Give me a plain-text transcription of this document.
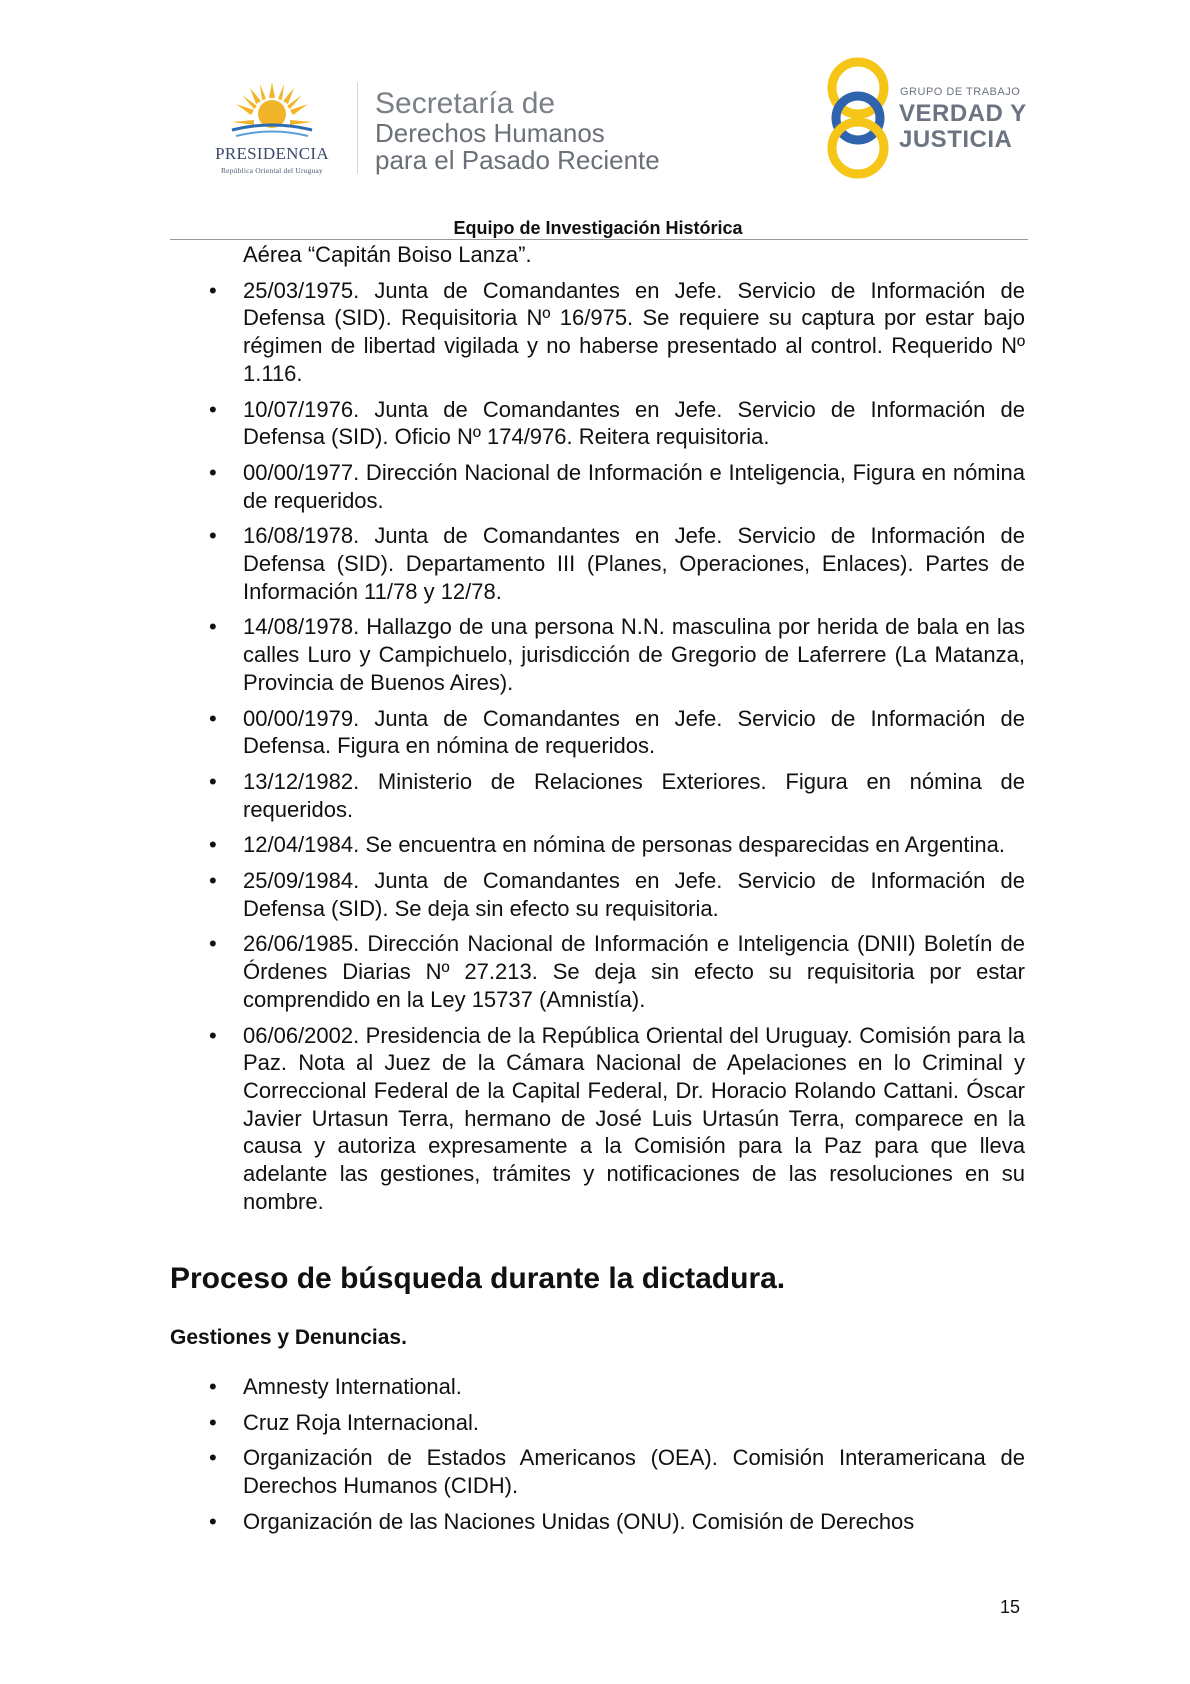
PRESIDENCIA
República Oriental del Uruguay
Secretaría de
Derechos Humanos
para el Pasado Reciente
GRUPO DE TRABAJO
VERDAD Y
JUSTICIA
Equipo de Investigación Histórica

Aérea “Capitán Boiso Lanza”.

• 25/03/1975. Junta de Comandantes en Jefe. Servicio de Información de Defensa (SID). Requisitoria Nº 16/975. Se requiere su captura por estar bajo régimen de libertad vigilada y no haberse presentado al control. Requerido Nº 1.116.
• 10/07/1976. Junta de Comandantes en Jefe. Servicio de Información de Defensa (SID). Oficio Nº 174/976. Reitera requisitoria.
• 00/00/1977. Dirección Nacional de Información e Inteligencia, Figura en nómina de requeridos.
• 16/08/1978. Junta de Comandantes en Jefe. Servicio de Información de Defensa (SID). Departamento III (Planes, Operaciones, Enlaces). Partes de Información 11/78 y 12/78.
• 14/08/1978. Hallazgo de una persona N.N. masculina por herida de bala en las calles Luro y Campichuelo, jurisdicción de Gregorio de Laferrere (La Matanza, Provincia de Buenos Aires).
• 00/00/1979. Junta de Comandantes en Jefe. Servicio de Información de Defensa. Figura en nómina de requeridos.
• 13/12/1982. Ministerio de Relaciones Exteriores. Figura en nómina de requeridos.
• 12/04/1984. Se encuentra en nómina de personas desparecidas en Argentina.
• 25/09/1984. Junta de Comandantes en Jefe. Servicio de Información de Defensa (SID). Se deja sin efecto su requisitoria.
• 26/06/1985. Dirección Nacional de Información e Inteligencia (DNII) Boletín de Órdenes Diarias Nº 27.213. Se deja sin efecto su requisitoria por estar comprendido en la Ley 15737 (Amnistía).
• 06/06/2002. Presidencia de la República Oriental del Uruguay. Comisión para la Paz. Nota al Juez de la Cámara Nacional de Apelaciones en lo Criminal y Correccional Federal de la Capital Federal, Dr. Horacio Rolando Cattani. Óscar Javier Urtasun Terra, hermano de José Luis Urtasún Terra, comparece en la causa y autoriza expresamente a la Comisión para la Paz para que lleva adelante las gestiones, trámites y notificaciones de las resoluciones en su nombre.
Proceso de búsqueda durante la dictadura.
Gestiones y Denuncias.
• Amnesty International.
• Cruz Roja Internacional.
• Organización de Estados Americanos (OEA). Comisión Interamericana de Derechos Humanos (CIDH).
• Organización de las Naciones Unidas (ONU). Comisión de Derechos
15
